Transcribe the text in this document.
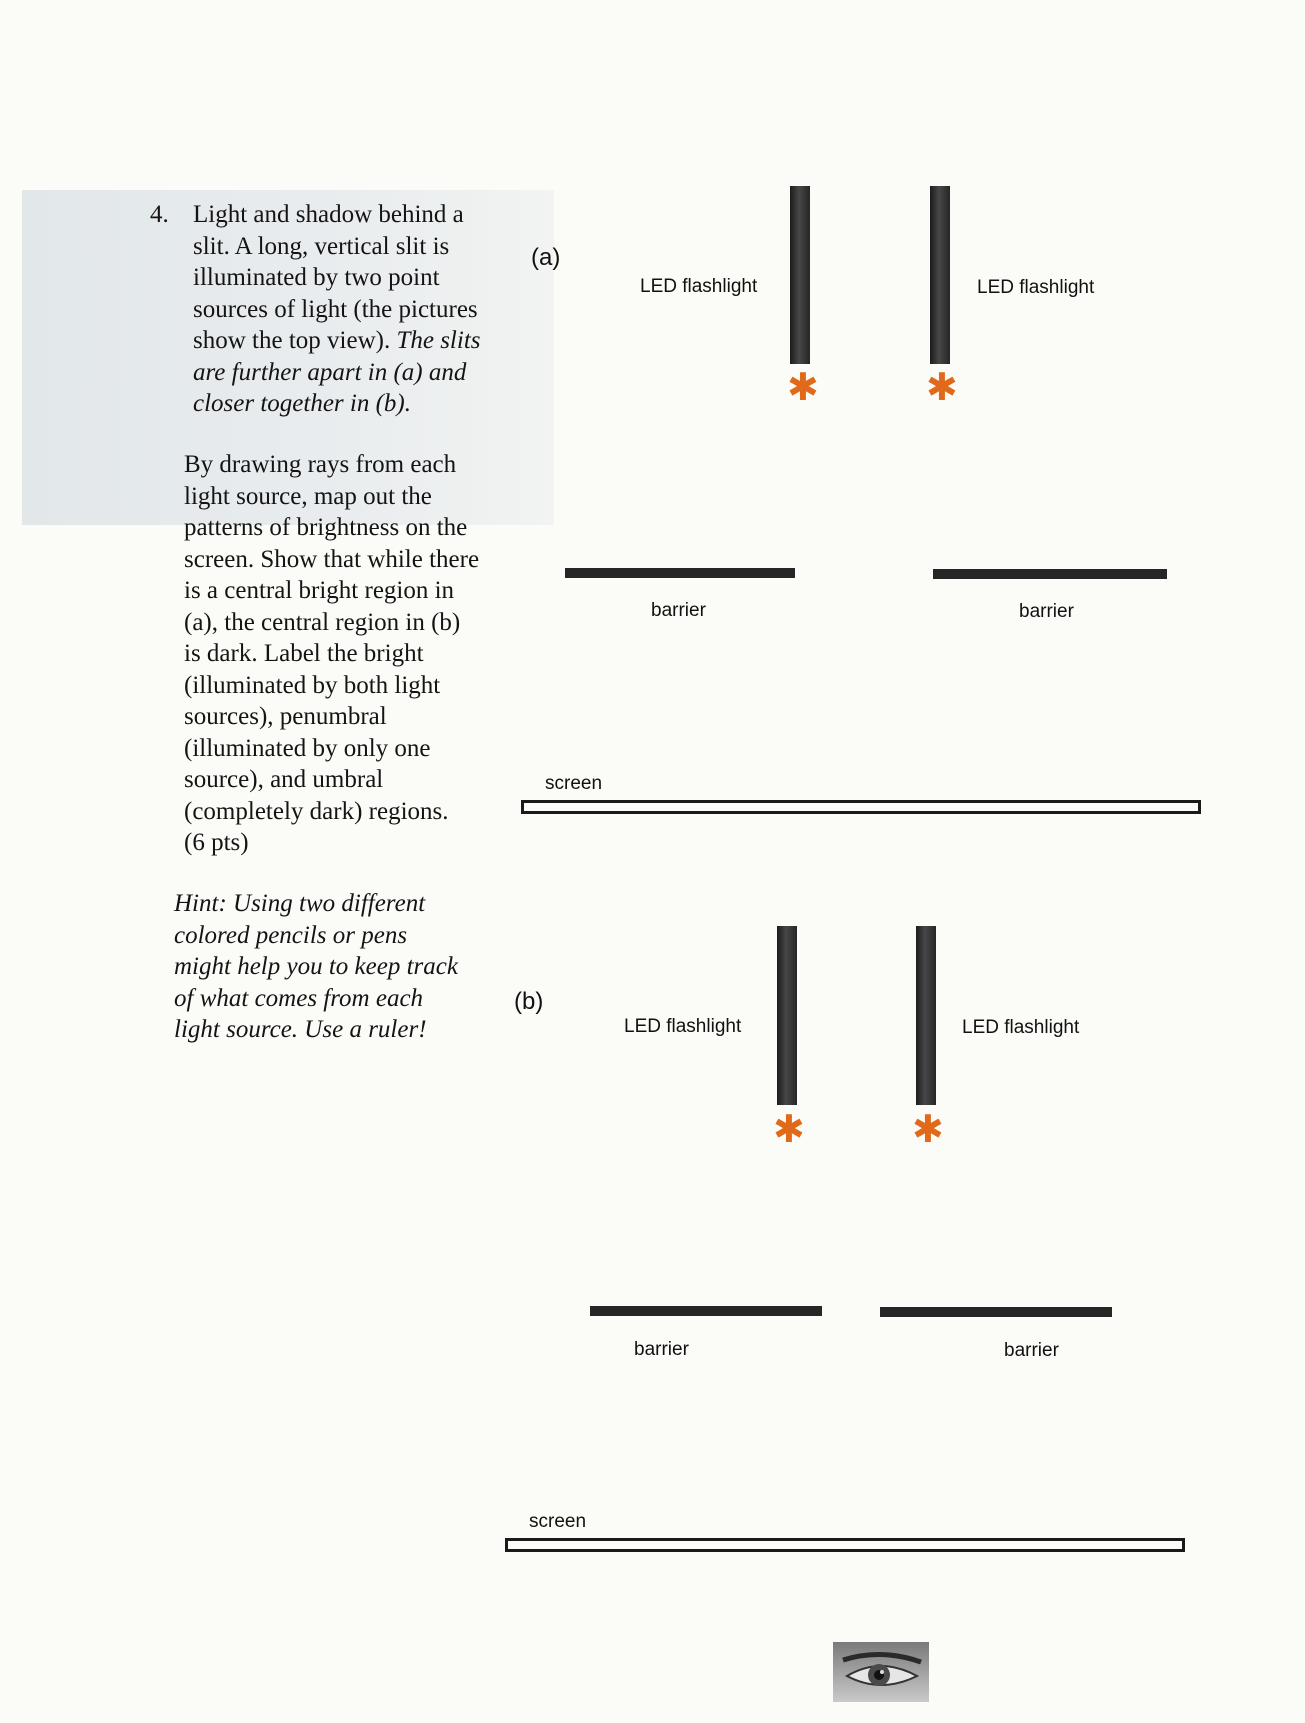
4. Light and shadow behind a
slit. A long, vertical slit is
illuminated by two point
sources of light (the pictures
show the top view). The slits
are further apart in (a) and
closer together in (b).
By drawing rays from each
light source, map out the
patterns of brightness on the
screen. Show that while there
is a central bright region in
(a), the central region in (b)
is dark. Label the bright
(illuminated by both light
sources), penumbral
(illuminated by only one
source), and umbral
(completely dark) regions.
(6 pts)
Hint: Using two different
colored pencils or pens
might help you to keep track
of what comes from each
light source. Use a ruler!
(a)
LED flashlight	LED flashlight
✱	✱
barrier	barrier
screen
(b)
LED flashlight	LED flashlight
✱	✱
barrier	barrier
screen
